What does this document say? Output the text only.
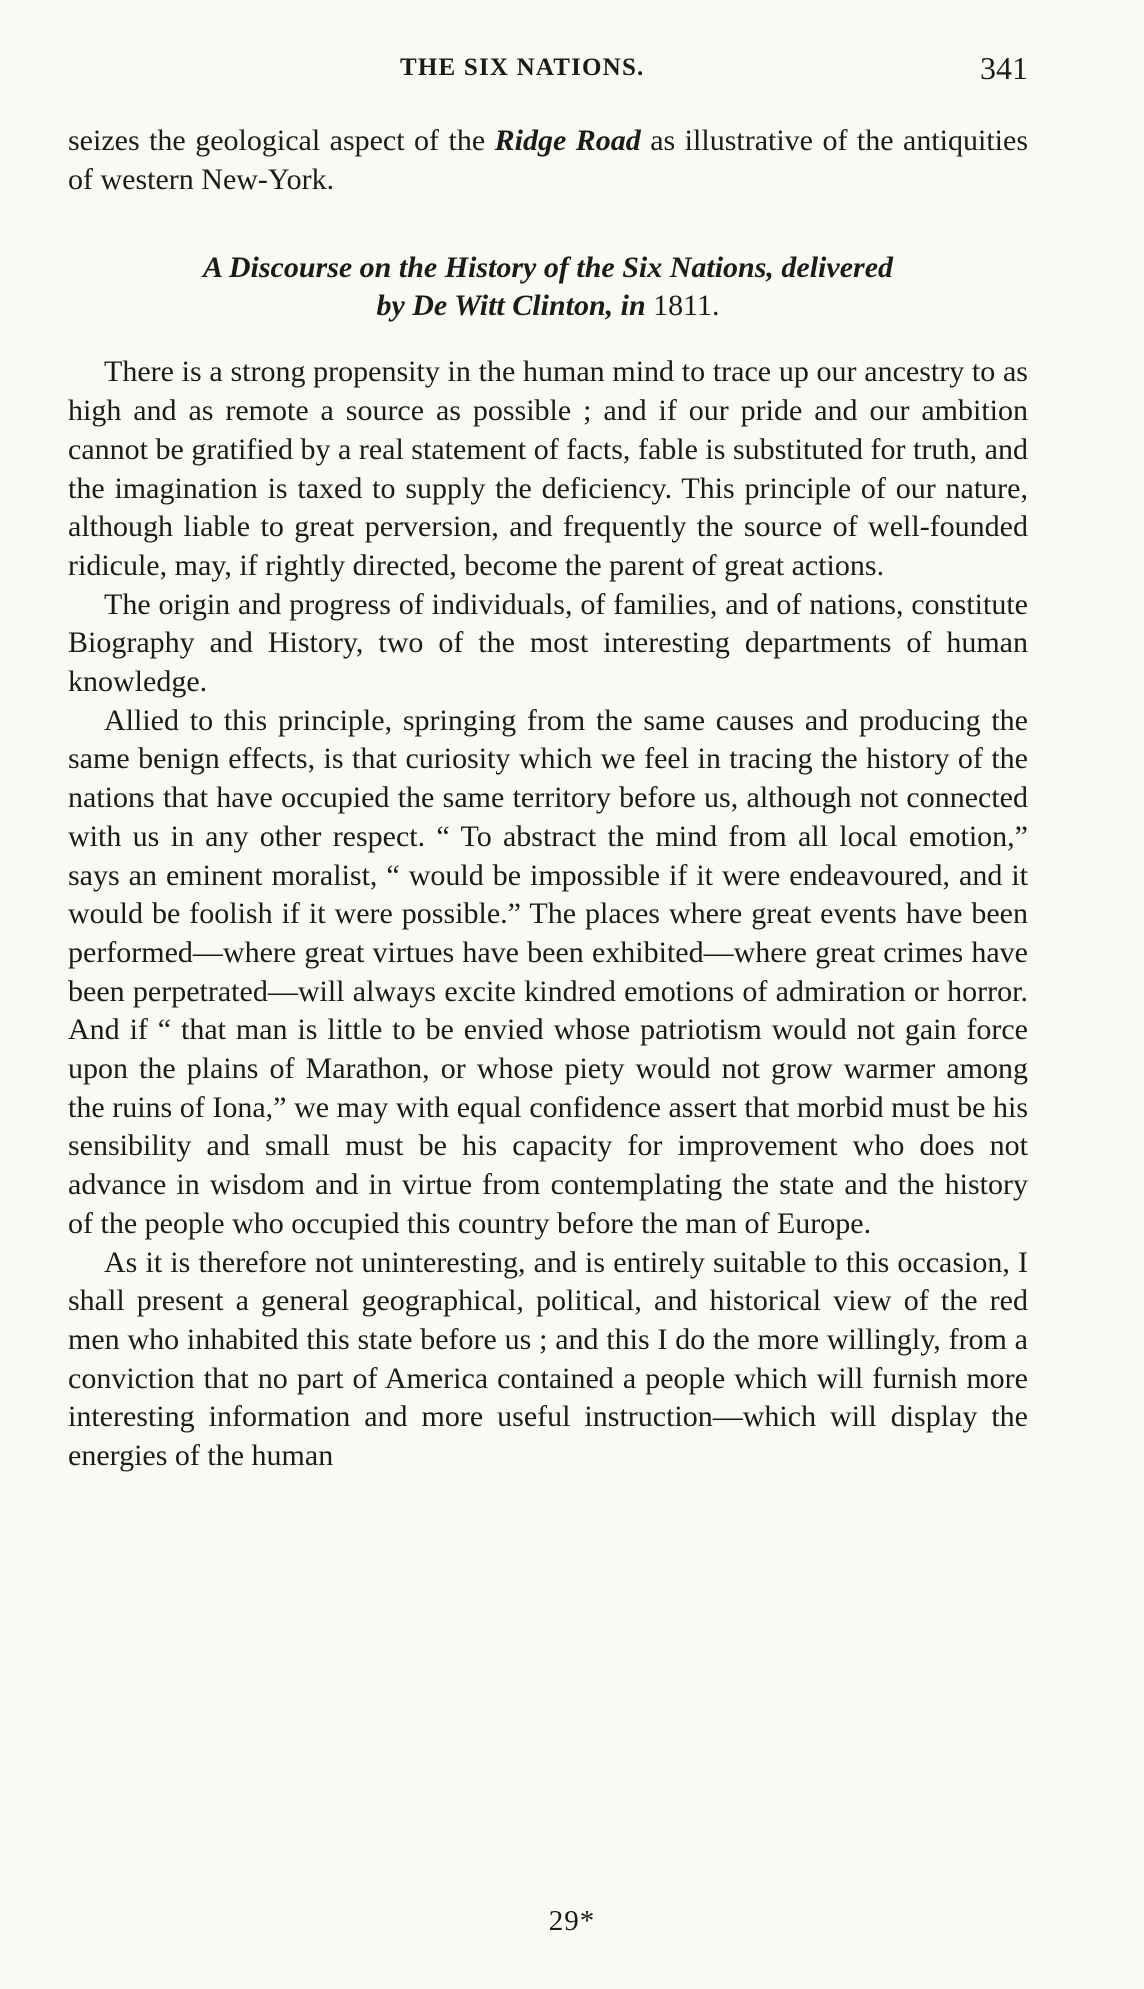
THE SIX NATIONS.	341

seizes the geological aspect of the Ridge Road as illustrative of the antiquities of western New-York.

A Discourse on the History of the Six Nations, delivered
by De Witt Clinton, in 1811.

There is a strong propensity in the human mind to trace up our ancestry to as high and as remote a source as possible ; and if our pride and our ambition cannot be gratified by a real statement of facts, fable is substituted for truth, and the imagination is taxed to supply the deficiency. This principle of our nature, although liable to great perversion, and frequently the source of well-founded ridicule, may, if rightly directed, become the parent of great actions.

The origin and progress of individuals, of families, and of nations, constitute Biography and History, two of the most interesting departments of human knowledge.

Allied to this principle, springing from the same causes and producing the same benign effects, is that curiosity which we feel in tracing the history of the nations that have occupied the same territory before us, although not connected with us in any other respect. “ To abstract the mind from all local emotion,” says an eminent moralist, “ would be impossible if it were endeavoured, and it would be foolish if it were possible.” The places where great events have been performed—where great virtues have been exhibited—where great crimes have been perpetrated—will always excite kindred emotions of admiration or horror. And if “ that man is little to be envied whose patriotism would not gain force upon the plains of Marathon, or whose piety would not grow warmer among the ruins of Iona,” we may with equal confidence assert that morbid must be his sensibility and small must be his capacity for improvement who does not advance in wisdom and in virtue from contemplating the state and the history of the people who occupied this country before the man of Europe.

As it is therefore not uninteresting, and is entirely suitable to this occasion, I shall present a general geographical, political, and historical view of the red men who inhabited this state before us ; and this I do the more willingly, from a conviction that no part of America contained a people which will furnish more interesting information and more useful instruction—which will display the energies of the human

29*
